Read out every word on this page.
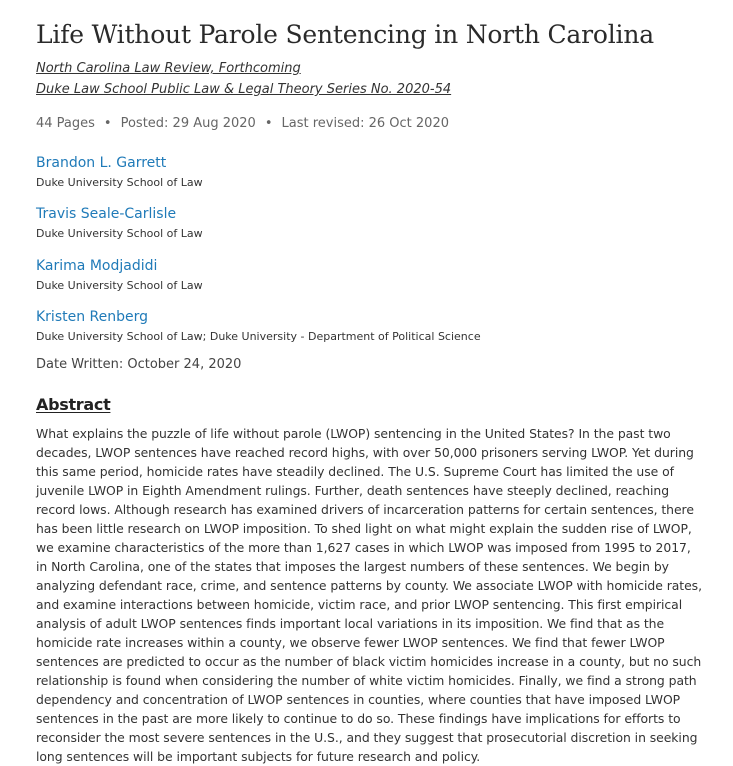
Life Without Parole Sentencing in North Carolina
North Carolina Law Review, Forthcoming
Duke Law School Public Law & Legal Theory Series No. 2020-54
44 Pages • Posted: 29 Aug 2020 • Last revised: 26 Oct 2020
Brandon L. Garrett
Duke University School of Law
Travis Seale-Carlisle
Duke University School of Law
Karima Modjadidi
Duke University School of Law
Kristen Renberg
Duke University School of Law; Duke University - Department of Political Science
Date Written: October 24, 2020
Abstract

What explains the puzzle of life without parole (LWOP) sentencing in the United States? In the past two decades, LWOP sentences have reached record highs, with over 50,000 prisoners serving LWOP. Yet during this same period, homicide rates have steadily declined. The U.S. Supreme Court has limited the use of juvenile LWOP in Eighth Amendment rulings. Further, death sentences have steeply declined, reaching record lows. Although research has examined drivers of incarceration patterns for certain sentences, there has been little research on LWOP imposition. To shed light on what might explain the sudden rise of LWOP, we examine characteristics of the more than 1,627 cases in which LWOP was imposed from 1995 to 2017, in North Carolina, one of the states that imposes the largest numbers of these sentences. We begin by analyzing defendant race, crime, and sentence patterns by county. We associate LWOP with homicide rates, and examine interactions between homicide, victim race, and prior LWOP sentencing. This first empirical analysis of adult LWOP sentences finds important local variations in its imposition. We find that as the homicide rate increases within a county, we observe fewer LWOP sentences. We find that fewer LWOP sentences are predicted to occur as the number of black victim homicides increase in a county, but no such relationship is found when considering the number of white victim homicides. Finally, we find a strong path dependency and concentration of LWOP sentences in counties, where counties that have imposed LWOP sentences in the past are more likely to continue to do so. These findings have implications for efforts to reconsider the most severe sentences in the U.S., and they suggest that prosecutorial discretion in seeking long sentences will be important subjects for future research and policy.
